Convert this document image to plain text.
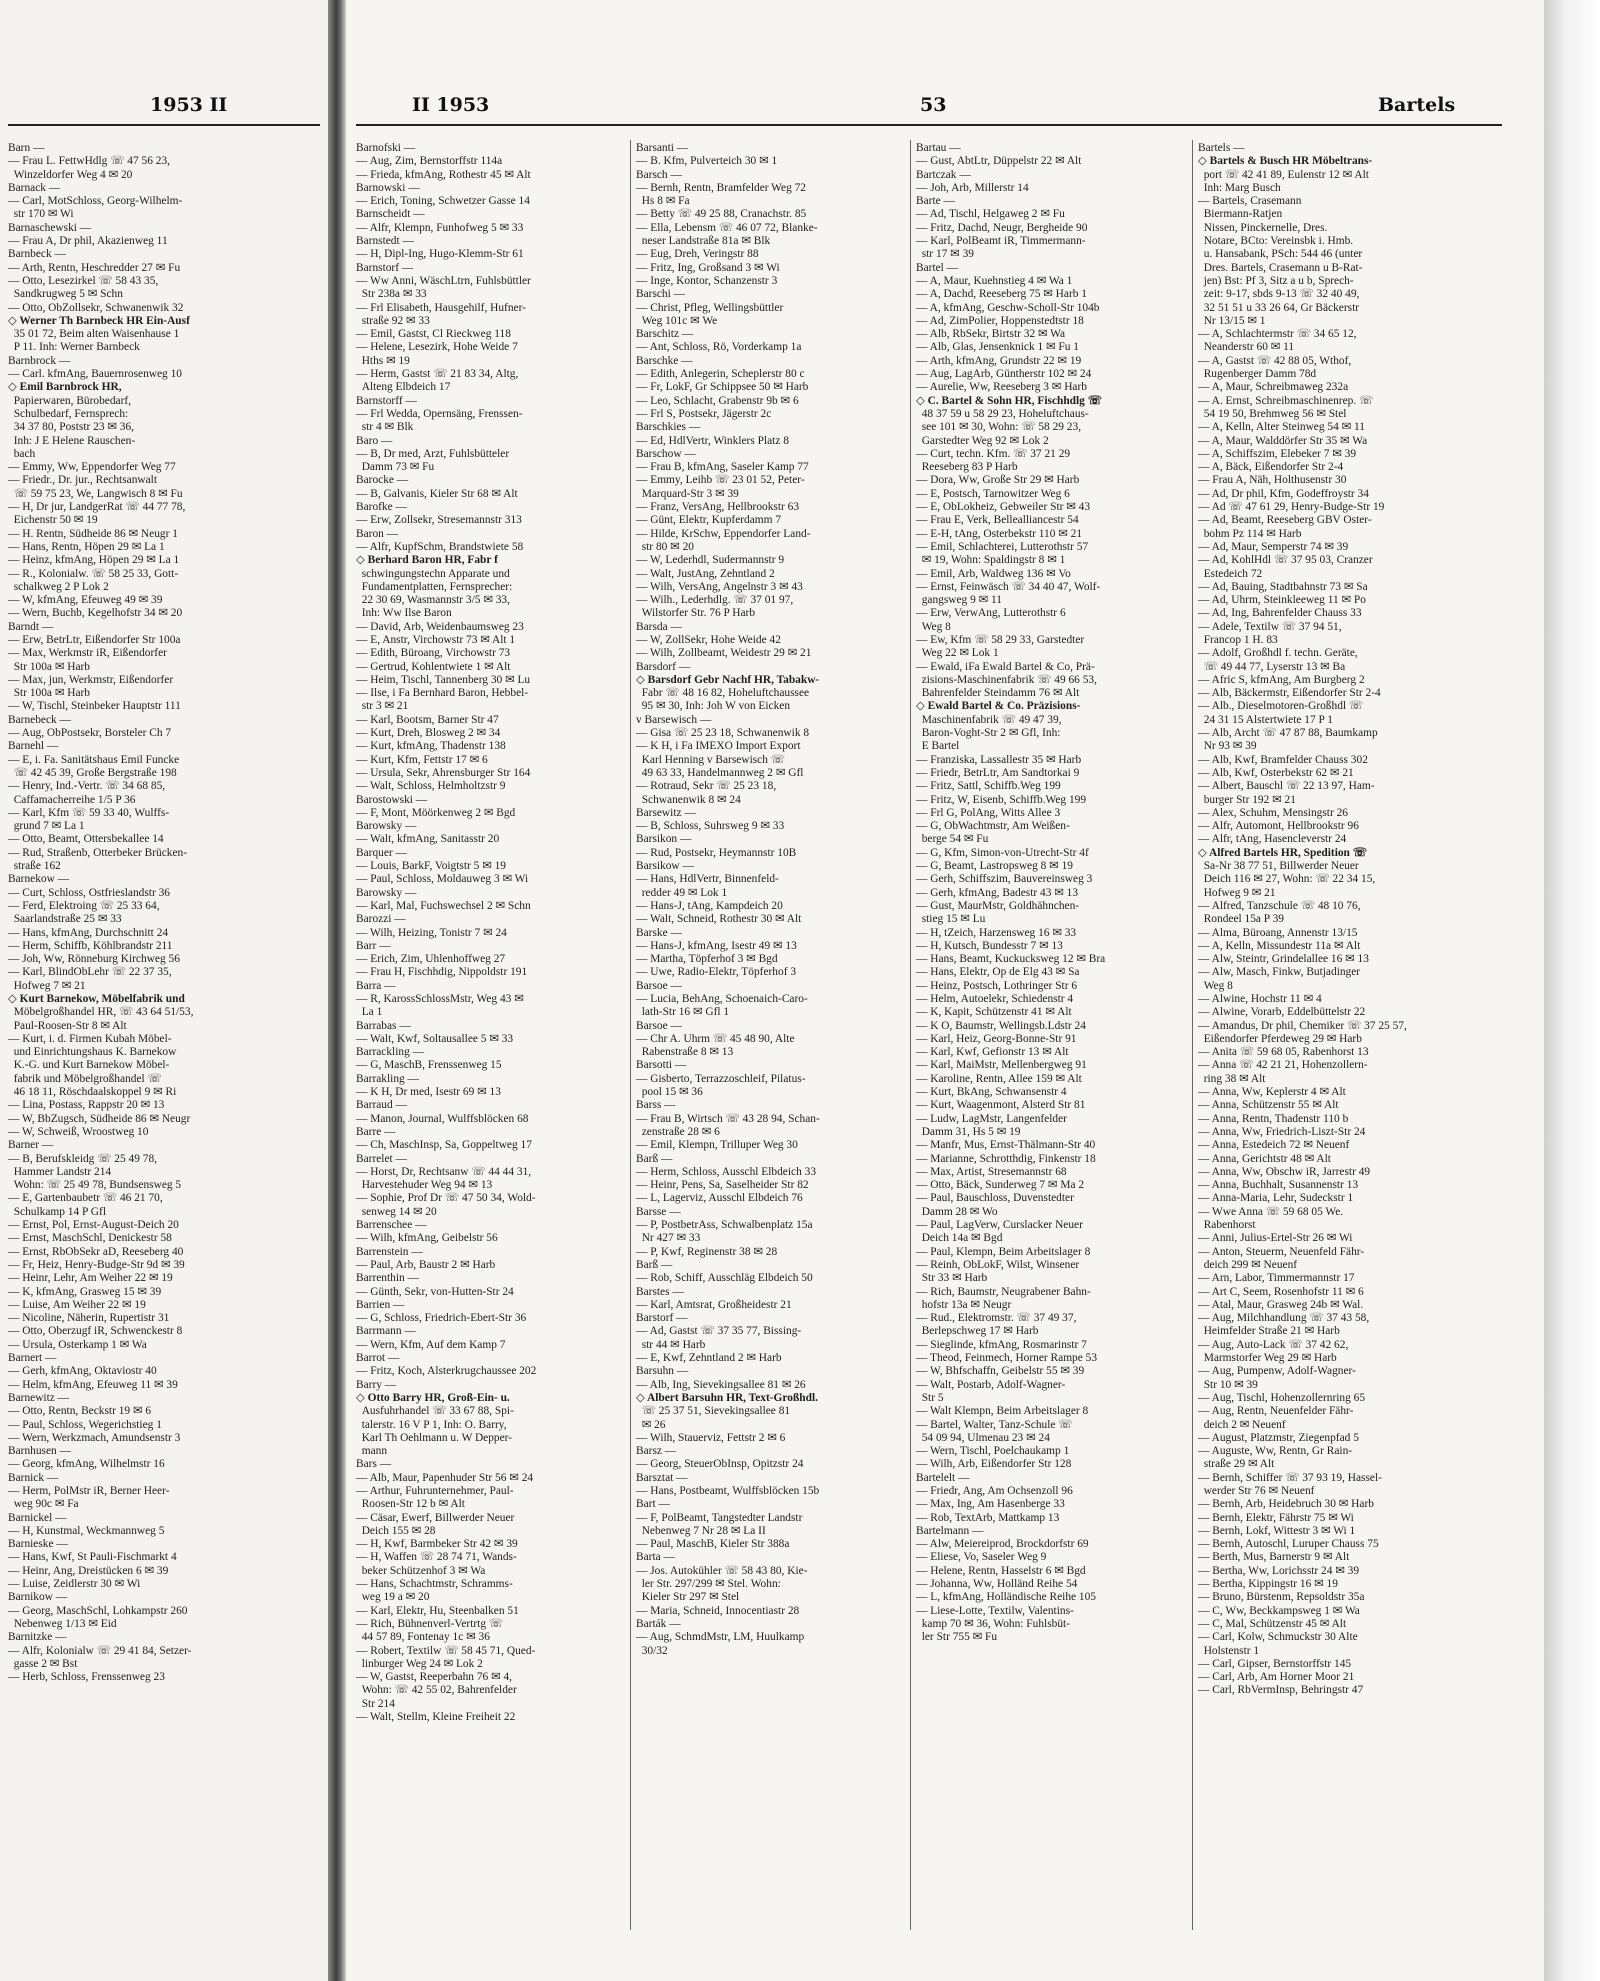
1953 II
Barn —
— Frau L. FettwHdlg ☏ 47 56 23,
Winzeldorfer Weg 4 ✉ 20
Barnack —
— Carl, MotSchloss, Georg-Wilhelm-
str 170 ✉ Wi
Barnaschewski —
— Frau A, Dr phil, Akazienweg 11
Barnbeck —
— Arth, Rentn, Heschredder 27 ✉ Fu
— Otto, Lesezirkel ☏ 58 43 35,
Sandkrugweg 5 ✉ Schn
— Otto, ObZollsekr, Schwanenwik 32
◇ Werner Th Barnbeck HR Ein-Ausf
35 01 72, Beim alten Waisenhause 1
P 11. Inh: Werner Barnbeck
Barnbrock —
— Carl. kfmAng, Bauernrosenweg 10
◇ Emil Barnbrock HR,
Papierwaren, Bürobedarf,
Schulbedarf, Fernsprech:
34 37 80, Poststr 23 ✉ 36,
Inh: J E Helene Rauschen-
bach
— Emmy, Ww, Eppendorfer Weg 77
— Friedr., Dr. jur., Rechtsanwalt
☏ 59 75 23, We, Langwisch 8 ✉ Fu
— H, Dr jur, LandgerRat ☏ 44 77 78,
Eichenstr 50 ✉ 19
— H. Rentn, Südheide 86 ✉ Neugr 1
— Hans, Rentn, Höpen 29 ✉ La 1
— Heinz, kfmAng, Höpen 29 ✉ La 1
— R., Kolonialw. ☏ 58 25 33, Gott-
schalkweg 2 P Lok 2
— W, kfmAng, Efeuweg 49 ✉ 39
— Wern, Buchb, Kegelhofstr 34 ✉ 20
Barndt —
— Erw, BetrLtr, Eißendorfer Str 100a
— Max, Werkmstr iR, Eißendorfer
Str 100a ✉ Harb
— Max, jun, Werkmstr, Eißendorfer
Str 100a ✉ Harb
— W, Tischl, Steinbeker Hauptstr 111
Barnebeck —
— Aug, ObPostsekr, Borsteler Ch 7
Barnehl —
— E, i. Fa. Sanitätshaus Emil Funcke
☏ 42 45 39, Große Bergstraße 198
— Henry, Ind.-Vertr. ☏ 34 68 85,
Caffamacherreihe 1/5 P 36
— Karl, Kfm ☏ 59 33 40, Wulffs-
grund 7 ✉ La 1
— Otto, Beamt, Ottersbekallee 14
— Rud, Straßenb, Otterbeker Brücken-
straße 162
Barnekow —
— Curt, Schloss, Ostfrieslandstr 36
— Ferd, Elektroing ☏ 25 33 64,
Saarlandstraße 25 ✉ 33
— Hans, kfmAng, Durchschnitt 24
— Herm, Schiffb, Köhlbrandstr 211
— Joh, Ww, Rönneburg Kirchweg 56
— Karl, BlindObLehr ☏ 22 37 35,
Hofweg 7 ✉ 21
◇ Kurt Barnekow, Möbelfabrik und
Möbelgroßhandel HR, ☏ 43 64 51/53,
Paul-Roosen-Str 8 ✉ Alt
— Kurt, i. d. Firmen Kubah Möbel-
und Einrichtungshaus K. Barnekow
K.-G. und Kurt Barnekow Möbel-
fabrik und Möbelgroßhandel ☏
46 18 11, Röschdaalskoppel 9 ✉ Ri
— Lina, Postass, Rappstr 20 ✉ 13
— W, BbZugsch, Südheide 86 ✉ Neugr
— W, Schweiß, Wroostweg 10
Barner —
— B, Berufskleidg ☏ 25 49 78,
Hammer Landstr 214
Wohn: ☏ 25 49 78, Bundsensweg 5
— E, Gartenbaubetr ☏ 46 21 70,
Schulkamp 14 P Gfl
— Ernst, Pol, Ernst-August-Deich 20
— Ernst, MaschSchl, Denickestr 58
— Ernst, RbObSekr aD, Reeseberg 40
— Fr, Heiz, Henry-Budge-Str 9d ✉ 39
— Heinr, Lehr, Am Weiher 22 ✉ 19
— K, kfmAng, Grasweg 15 ✉ 39
— Luise, Am Weiher 22 ✉ 19
— Nicoline, Näherin, Rupertistr 31
— Otto, Oberzugf iR, Schwenckestr 8
— Ursula, Osterkamp 1 ✉ Wa
Barnert —
— Gerh, kfmAng, Oktaviostr 40
— Helm, kfmAng, Efeuweg 11 ✉ 39
Barnewitz —
— Otto, Rentn, Beckstr 19 ✉ 6
— Paul, Schloss, Wegerichstieg 1
— Wern, Werkzmach, Amundsenstr 3
Barnhusen —
— Georg, kfmAng, Wilhelmstr 16
Barnick —
— Herm, PolMstr iR, Berner Heer-
weg 90c ✉ Fa
Barnickel —
— H, Kunstmal, Weckmannweg 5
Barnieske —
— Hans, Kwf, St Pauli-Fischmarkt 4
— Heinr, Ang, Dreistücken 6 ✉ 39
— Luise, Zeidlerstr 30 ✉ Wi
Barnikow —
— Georg, MaschSchl, Lohkampstr 260
Nebenweg 1/13 ✉ Eid
Barnitzke —
— Alfr, Kolonialw ☏ 29 41 84, Setzer-
gasse 2 ✉ Bst
— Herb, Schloss, Frenssenweg 23
II 1953	53	Bartels
Barnofski —
— Aug, Zim, Bernstorffstr 114a
— Frieda, kfmAng, Rothestr 45 ✉ Alt
Barnowski —
— Erich, Toning, Schwetzer Gasse 14
Barnscheidt —
— Alfr, Klempn, Funhofweg 5 ✉ 33
Barnstedt —
— H, Dipl-Ing, Hugo-Klemm-Str 61
Barnstorf —
— Ww Anni, WäschLtrn, Fuhlsbüttler
Str 238a ✉ 33
— Frl Elisabeth, Hausgehilf, Hufner-
straße 92 ✉ 33
— Emil, Gastst, Cl Rieckweg 118
— Helene, Lesezirk, Hohe Weide 7
Hths ✉ 19
— Herm, Gastst ☏ 21 83 34, Altg,
Alteng Elbdeich 17
Barnstorff —
— Frl Wedda, Opernsäng, Frenssen-
str 4 ✉ Blk
Baro —
— B, Dr med, Arzt, Fuhlsbütteler
Damm 73 ✉ Fu
Barocke —
— B, Galvanis, Kieler Str 68 ✉ Alt
Barofke —
— Erw, Zollsekr, Stresemannstr 313
Baron —
— Alfr, KupfSchm, Brandstwiete 58
◇ Berhard Baron HR, Fabr f
schwingungstechn Apparate und
Fundamentplatten, Fernsprecher:
22 30 69, Wasmannstr 3/5 ✉ 33,
Inh: Ww Ilse Baron
— David, Arb, Weidenbaumsweg 23
— E, Anstr, Virchowstr 73 ✉ Alt 1
— Edith, Büroang, Virchowstr 73
— Gertrud, Kohlentwiete 1 ✉ Alt
— Heim, Tischl, Tannenberg 30 ✉ Lu
— Ilse, i Fa Bernhard Baron, Hebbel-
str 3 ✉ 21
— Karl, Bootsm, Barner Str 47
— Kurt, Dreh, Blosweg 2 ✉ 34
— Kurt, kfmAng, Thadenstr 138
— Kurt, Kfm, Fettstr 17 ✉ 6
— Ursula, Sekr, Ahrensburger Str 164
— Walt, Schloss, Helmholtzstr 9
Barostowski —
— F, Mont, Möörkenweg 2 ✉ Bgd
Barowsky —
— Walt, kfmAng, Sanitasstr 20
Barquer —
— Louis, BarkF, Voigtstr 5 ✉ 19
— Paul, Schloss, Moldauweg 3 ✉ Wi
Barowsky —
— Karl, Mal, Fuchswechsel 2 ✉ Schn
Barozzi —
— Wilh, Heizing, Tonistr 7 ✉ 24
Barr —
— Erich, Zim, Uhlenhoffweg 27
— Frau H, Fischhdig, Nippoldstr 191
Barra —
— R, KarossSchlossMstr, Weg 43 ✉
La 1
Barrabas —
— Walt, Kwf, Soltausallee 5 ✉ 33
Barrackling —
— G, MaschB, Frenssenweg 15
Barrakling —
— K H, Dr med, Isestr 69 ✉ 13
Barraud —
— Manon, Journal, Wulffsblöcken 68
Barre —
— Ch, MaschInsp, Sa, Goppeltweg 17
Barrelet —
— Horst, Dr, Rechtsanw ☏ 44 44 31,
Harvestehuder Weg 94 ✉ 13
— Sophie, Prof Dr ☏ 47 50 34, Wold-
senweg 14 ✉ 20
Barrenschee —
— Wilh, kfmAng, Geibelstr 56
Barrenstein —
— Paul, Arb, Baustr 2 ✉ Harb
Barrenthin —
— Günth, Sekr, von-Hutten-Str 24
Barrien —
— G, Schloss, Friedrich-Ebert-Str 36
Barrmann —
— Wern, Kfm, Auf dem Kamp 7
Barrot —
— Fritz, Koch, Alsterkrugchaussee 202
Barry —
◇ Otto Barry HR, Groß-Ein- u.
Ausfuhrhandel ☏ 33 67 88, Spi-
talerstr. 16 V P 1, Inh: O. Barry,
Karl Th Oehlmann u. W Depper-
mann
Bars —
— Alb, Maur, Papenhuder Str 56 ✉ 24
— Arthur, Fuhrunternehmer, Paul-
Roosen-Str 12 b ✉ Alt
— Cäsar, Ewerf, Billwerder Neuer
Deich 155 ✉ 28
— H, Kwf, Barmbeker Str 42 ✉ 39
— H, Waffen ☏ 28 74 71, Wands-
beker Schützenhof 3 ✉ Wa
— Hans, Schachtmstr, Schramms-
weg 19 a ✉ 20
— Karl, Elektr, Hu, Steenbalken 51
— Rich, Bühnenverl-Vertrtg ☏
44 57 89, Fontenay 1c ✉ 36
— Robert, Textilw ☏ 58 45 71, Qued-
linburger Weg 24 ✉ Lok 2
— W, Gastst, Reeperbahn 76 ✉ 4,
Wohn: ☏ 42 55 02, Bahrenfelder
Str 214
— Walt, Stellm, Kleine Freiheit 22
Barsanti —
— B. Kfm, Pulverteich 30 ✉ 1
Barsch —
— Bernh, Rentn, Bramfelder Weg 72
Hs 8 ✉ Fa
— Betty ☏ 49 25 88, Cranachstr. 85
— Ella, Lebensm ☏ 46 07 72, Blanke-
neser Landstraße 81a ✉ Blk
— Eug, Dreh, Veringstr 88
— Fritz, Ing, Großsand 3 ✉ Wi
— Inge, Kontor, Schanzenstr 3
Barschi —
— Christ, Pfleg, Wellingsbüttler
Weg 101c ✉ We
Barschitz —
— Ant, Schloss, Rö, Vorderkamp 1a
Barschke —
— Edith, Anlegerin, Scheplerstr 80 c
— Fr, LokF, Gr Schippsee 50 ✉ Harb
— Leo, Schlacht, Grabenstr 9b ✉ 6
— Frl S, Postsekr, Jägerstr 2c
Barschkies —
— Ed, HdlVertr, Winklers Platz 8
Barschow —
— Frau B, kfmAng, Saseler Kamp 77
— Emmy, Leihb ☏ 23 01 52, Peter-
Marquard-Str 3 ✉ 39
— Franz, VersAng, Hellbrookstr 63
— Günt, Elektr, Kupferdamm 7
— Hilde, KrSchw, Eppendorfer Land-
str 80 ✉ 20
— W, Lederhdl, Sudermannstr 9
— Walt, JustAng, Zehntland 2
— Wilh, VersAng, Angelnstr 3 ✉ 43
— Wilh., Lederhdlg. ☏ 37 01 97,
Wilstorfer Str. 76 P Harb
Barsda —
— W, ZollSekr, Hohe Weide 42
— Wilh, Zollbeamt, Weidestr 29 ✉ 21
Barsdorf —
◇ Barsdorf Gebr Nachf HR, Tabakw-
Fabr ☏ 48 16 82, Hoheluftchaussee
95 ✉ 30, Inh: Joh W von Eicken
v Barsewisch —
— Gisa ☏ 25 23 18, Schwanenwik 8
— K H, i Fa IMEXO Import Export
Karl Henning v Barsewisch ☏
49 63 33, Handelmannweg 2 ✉ Gfl
— Rotraud, Sekr ☏ 25 23 18,
Schwanenwik 8 ✉ 24
Barsewitz —
— B, Schloss, Suhrsweg 9 ✉ 33
Barsikon —
— Rud, Postsekr, Heymannstr 10B
Barsikow —
— Hans, HdlVertr, Binnenfeld-
redder 49 ✉ Lok 1
— Hans-J, tAng, Kampdeich 20
— Walt, Schneid, Rothestr 30 ✉ Alt
Barske —
— Hans-J, kfmAng, Isestr 49 ✉ 13
— Martha, Töpferhof 3 ✉ Bgd
— Uwe, Radio-Elektr, Töpferhof 3
Barsoe —
— Lucia, BehAng, Schoenaich-Caro-
lath-Str 16 ✉ Gfl 1
Barsoe —
— Chr A. Uhrm ☏ 45 48 90, Alte
Rabenstraße 8 ✉ 13
Barsotti —
— Gisberto, Terrazzoschleif, Pilatus-
pool 15 ✉ 36
Barss —
— Frau B, Wirtsch ☏ 43 28 94, Schan-
zenstraße 28 ✉ 6
— Emil, Klempn, Trilluper Weg 30
Barß —
— Herm, Schloss, Ausschl Elbdeich 33
— Heinr, Pens, Sa, Saselheider Str 82
— L, Lagerviz, Ausschl Elbdeich 76
Barsse —
— P, PostbetrAss, Schwalbenplatz 15a
Nr 427 ✉ 33
— P, Kwf, Reginenstr 38 ✉ 28
Barß —
— Rob, Schiff, Ausschläg Elbdeich 50
Barstes —
— Karl, Amtsrat, Großheidestr 21
Barstorf —
— Ad, Gastst ☏ 37 35 77, Bissing-
str 44 ✉ Harb
— E, Kwf, Zehntland 2 ✉ Harb
Barsuhn —
— Alb, Ing, Sievekingsallee 81 ✉ 26
◇ Albert Barsuhn HR, Text-Großhdl.
☏ 25 37 51, Sievekingsallee 81
✉ 26
— Wilh, Stauerviz, Fettstr 2 ✉ 6
Barsz —
— Georg, SteuerObInsp, Opitzstr 24
Barsztat —
— Hans, Postbeamt, Wulffsblöcken 15b
Bart —
— F, PolBeamt, Tangstedter Landstr
Nebenweg 7 Nr 28 ✉ La II
— Paul, MaschB, Kieler Str 388a
Barta —
— Jos. Autokühler ☏ 58 43 80, Kie-
ler Str. 297/299 ✉ Stel. Wohn:
Kieler Str 297 ✉ Stel
— Maria, Schneid, Innocentiastr 28
Barták —
— Aug, SchmdMstr, LM, Huulkamp
30/32
Bartau —
— Gust, AbtLtr, Düppelstr 22 ✉ Alt
Bartczak —
— Joh, Arb, Millerstr 14
Barte —
— Ad, Tischl, Helgaweg 2 ✉ Fu
— Fritz, Dachd, Neugr, Bergheide 90
— Karl, PolBeamt iR, Timmermann-
str 17 ✉ 39
Bartel —
— A, Maur, Kuehnstieg 4 ✉ Wa 1
— A, Dachd, Reeseberg 75 ✉ Harb 1
— A, kfmAng, Geschw-Scholl-Str 104b
— Ad, ZimPolier, Hoppenstedtstr 18
— Alb, RbSekr, Birtstr 32 ✉ Wa
— Alb, Glas, Jensenknick 1 ✉ Fu 1
— Arth, kfmAng, Grundstr 22 ✉ 19
— Aug, LagArb, Güntherstr 102 ✉ 24
— Aurelie, Ww, Reeseberg 3 ✉ Harb
◇ C. Bartel & Sohn HR, Fischhdlg ☏
48 37 59 u 58 29 23, Hoheluftchaus-
see 101 ✉ 30, Wohn: ☏ 58 29 23,
Garstedter Weg 92 ✉ Lok 2
— Curt, techn. Kfm. ☏ 37 21 29
Reeseberg 83 P Harb
— Dora, Ww, Große Str 29 ✉ Harb
— E, Postsch, Tarnowitzer Weg 6
— E, ObLokheiz, Gebweiler Str ✉ 43
— Frau E, Verk, Bellealliancestr 54
— E-H, tAng, Osterbekstr 110 ✉ 21
— Emil, Schlachterei, Lutterothstr 57
✉ 19, Wohn: Spaldingstr 8 ✉ 1
— Emil, Arb, Waldweg 136 ✉ Vo
— Ernst, Feinwäsch ☏ 34 40 47, Wolf-
gangsweg 9 ✉ 11
— Erw, VerwAng, Lutterothstr 6
Weg 8
— Ew, Kfm ☏ 58 29 33, Garstedter
Weg 22 ✉ Lok 1
— Ewald, iFa Ewald Bartel & Co, Prä-
zisions-Maschinenfabrik ☏ 49 66 53,
Bahrenfelder Steindamm 76 ✉ Alt
◇ Ewald Bartel & Co. Präzisions-
Maschinenfabrik ☏ 49 47 39,
Baron-Voght-Str 2 ✉ Gfl, Inh:
E Bartel
— Franziska, Lassallestr 35 ✉ Harb
— Friedr, BetrLtr, Am Sandtorkai 9
— Fritz, Sattl, Schiffb.Weg 199
— Fritz, W, Eisenb, Schiffb.Weg 199
— Frl G, PolAng, Witts Allee 3
— G, ObWachtmstr, Am Weißen-
berge 54 ✉ Fu
— G, Kfm, Simon-von-Utrecht-Str 4f
— G, Beamt, Lastropsweg 8 ✉ 19
— Gerh, Schiffszim, Bauvereinsweg 3
— Gerh, kfmAng, Badestr 43 ✉ 13
— Gust, MaurMstr, Goldhähnchen-
stieg 15 ✉ Lu
— H, tZeich, Harzensweg 16 ✉ 33
— H, Kutsch, Bundesstr 7 ✉ 13
— Hans, Beamt, Kuckucksweg 12 ✉ Bra
— Hans, Elektr, Op de Elg 43 ✉ Sa
— Heinz, Postsch, Lothringer Str 6
— Helm, Autoelekr, Schiedenstr 4
— K, Kapit, Schützenstr 41 ✉ Alt
— K O, Baumstr, Wellingsb.Ldstr 24
— Karl, Heiz, Georg-Bonne-Str 91
— Karl, Kwf, Gefionstr 13 ✉ Alt
— Karl, MaiMstr, Mellenbergweg 91
— Karoline, Rentn, Allee 159 ✉ Alt
— Kurt, BkAng, Schwansenstr 4
— Kurt, Waagenmont, Alsterd Str 81
— Ludw, LagMstr, Langenfelder
Damm 31, Hs 5 ✉ 19
— Manfr, Mus, Ernst-Thälmann-Str 40
— Marianne, Schrotthdig, Finkenstr 18
— Max, Artist, Stresemannstr 68
— Otto, Bäck, Sunderweg 7 ✉ Ma 2
— Paul, Bauschloss, Duvenstedter
Damm 28 ✉ Wo
— Paul, LagVerw, Curslacker Neuer
Deich 14a ✉ Bgd
— Paul, Klempn, Beim Arbeitslager 8
— Reinh, ObLokF, Wilst, Winsener
Str 33 ✉ Harb
— Rich, Baumstr, Neugrabener Bahn-
hofstr 13a ✉ Neugr
— Rud., Elektromstr. ☏ 37 49 37,
Berlepschweg 17 ✉ Harb
— Sieglinde, kfmAng, Rosmarinstr 7
— Theod, Feinmech, Horner Rampe 53
— W, Bhfschaffn, Geibelstr 55 ✉ 39
— Walt, Postarb, Adolf-Wagner-
Str 5
— Walt Klempn, Beim Arbeitslager 8
— Bartel, Walter, Tanz-Schule ☏
54 09 94, Ulmenau 23 ✉ 24
— Wern, Tischl, Poelchaukamp 1
— Wilh, Arb, Eißendorfer Str 128
Bartelelt —
— Friedr, Ang, Am Ochsenzoll 96
— Max, Ing, Am Hasenberge 33
— Rob, TextArb, Mattkamp 13
Bartelmann —
— Alw, Meiereiprod, Brockdorfstr 69
— Eliese, Vo, Saseler Weg 9
— Helene, Rentn, Hasselstr 6 ✉ Bgd
— Johanna, Ww, Holländ Reihe 54
— L, kfmAng, Holländische Reihe 105
— Liese-Lotte, Textilw, Valentins-
kamp 70 ✉ 36, Wohn: Fuhlsbüt-
ler Str 755 ✉ Fu
Bartels —
◇ Bartels & Busch HR Möbeltrans-
port ☏ 42 41 89, Eulenstr 12 ✉ Alt
Inh: Marg Busch
— Bartels, Crasemann
Biermann-Ratjen
Nissen, Pinckernelle, Dres.
Notare, BCto: Vereinsbk i. Hmb.
u. Hansabank, PSch: 544 46 (unter
Dres. Bartels, Crasemann u B-Rat-
jen) Bst: Pf 3, Sitz a u b, Sprech-
zeit: 9-17, sbds 9-13 ☏ 32 40 49,
32 51 51 u 33 26 64, Gr Bäckerstr
Nr 13/15 ✉ 1
— A, Schlachtermstr ☏ 34 65 12,
Neanderstr 60 ✉ 11
— A, Gastst ☏ 42 88 05, Wthof,
Rugenberger Damm 78d
— A, Maur, Schreibmaweg 232a
— A. Ernst, Schreibmaschinenrep. ☏
54 19 50, Brehmweg 56 ✉ Stel
— A, Kelln, Alter Steinweg 54 ✉ 11
— A, Maur, Walddörfer Str 35 ✉ Wa
— A, Schiffszim, Elebeker 7 ✉ 39
— A, Bäck, Eißendorfer Str 2-4
— Frau A, Näh, Holthusenstr 30
— Ad, Dr phil, Kfm, Godeffroystr 34
— Ad ☏ 47 61 29, Henry-Budge-Str 19
— Ad, Beamt, Reeseberg GBV Oster-
bohm Pz 114 ✉ Harb
— Ad, Maur, Semperstr 74 ✉ 39
— Ad, KohlHdl ☏ 37 95 03, Cranzer
Estedeich 72
— Ad, Bauing, Stadtbahnstr 73 ✉ Sa
— Ad, Uhrm, Steinkleeweg 11 ✉ Po
— Ad, Ing, Bahrenfelder Chauss 33
— Adele, Textilw ☏ 37 94 51,
Francop 1 H. 83
— Adolf, Großhdl f. techn. Geräte,
☏ 49 44 77, Lyserstr 13 ✉ Ba
— Afric S, kfmAng, Am Burgberg 2
— Alb, Bäckermstr, Eißendorfer Str 2-4
— Alb., Dieselmotoren-Großhdl ☏
24 31 15 Alstertwiete 17 P 1
— Alb, Archt ☏ 47 87 88, Baumkamp
Nr 93 ✉ 39
— Alb, Kwf, Bramfelder Chauss 302
— Alb, Kwf, Osterbekstr 62 ✉ 21
— Albert, Bauschl ☏ 22 13 97, Ham-
burger Str 192 ✉ 21
— Alex, Schuhm, Mensingstr 26
— Alfr, Automont, Hellbrookstr 96
— Alfr, tAng, Hasencleverstr 24
◇ Alfred Bartels HR, Spedition ☏
Sa-Nr 38 77 51, Billwerder Neuer
Deich 116 ✉ 27, Wohn: ☏ 22 34 15,
Hofweg 9 ✉ 21
— Alfred, Tanzschule ☏ 48 10 76,
Rondeel 15a P 39
— Alma, Büroang, Annenstr 13/15
— A, Kelln, Missundestr 11a ✉ Alt
— Alw, Steintr, Grindelallee 16 ✉ 13
— Alw, Masch, Finkw, Butjadinger
Weg 8
— Alwine, Hochstr 11 ✉ 4
— Alwine, Vorarb, Eddelbüttelstr 22
— Amandus, Dr phil, Chemiker ☏ 37 25 57,
Eißendorfer Pferdeweg 29 ✉ Harb
— Anita ☏ 59 68 05, Rabenhorst 13
— Anna ☏ 42 21 21, Hohenzollern-
ring 38 ✉ Alt
— Anna, Ww, Keplerstr 4 ✉ Alt
— Anna, Schützenstr 55 ✉ Alt
— Anna, Rentn, Thadenstr 110 b
— Anna, Ww, Friedrich-Liszt-Str 24
— Anna, Estedeich 72 ✉ Neuenf
— Anna, Gerichtstr 48 ✉ Alt
— Anna, Ww, Obschw iR, Jarrestr 49
— Anna, Buchhalt, Susannenstr 13
— Anna-Maria, Lehr, Sudeckstr 1
— Wwe Anna ☏ 59 68 05 We.
Rabenhorst
— Anni, Julius-Ertel-Str 26 ✉ Wi
— Anton, Steuerm, Neuenfeld Fähr-
deich 299 ✉ Neuenf
— Arn, Labor, Timmermannstr 17
— Art C, Seem, Rosenhofstr 11 ✉ 6
— Atal, Maur, Grasweg 24b ✉ Wal.
— Aug, Milchhandlung ☏ 37 43 58,
Heimfelder Straße 21 ✉ Harb
— Aug, Auto-Lack ☏ 37 42 62,
Marmstorfer Weg 29 ✉ Harb
— Aug, Pumpenw, Adolf-Wagner-
Str 10 ✉ 39
— Aug, Tischl, Hohenzollernring 65
— Aug, Rentn, Neuenfelder Fähr-
deich 2 ✉ Neuenf
— August, Platzmstr, Ziegenpfad 5
— Auguste, Ww, Rentn, Gr Rain-
straße 29 ✉ Alt
— Bernh, Schiffer ☏ 37 93 19, Hassel-
werder Str 76 ✉ Neuenf
— Bernh, Arb, Heidebruch 30 ✉ Harb
— Bernh, Elektr, Fährstr 75 ✉ Wi
— Bernh, Lokf, Wittestr 3 ✉ Wi 1
— Bernh, Autoschl, Luruper Chauss 75
— Berth, Mus, Barnerstr 9 ✉ Alt
— Bertha, Ww, Lorichsstr 24 ✉ 39
— Bertha, Kippingstr 16 ✉ 19
— Bruno, Bürstenm, Repsoldstr 35a
— C, Ww, Beckkampsweg 1 ✉ Wa
— C, Mal, Schützenstr 45 ✉ Alt
— Carl, Kolw, Schmuckstr 30 Alte
Holstenstr 1
— Carl, Gipser, Bernstorffstr 145
— Carl, Arb, Am Horner Moor 21
— Carl, RbVermInsp, Behringstr 47
